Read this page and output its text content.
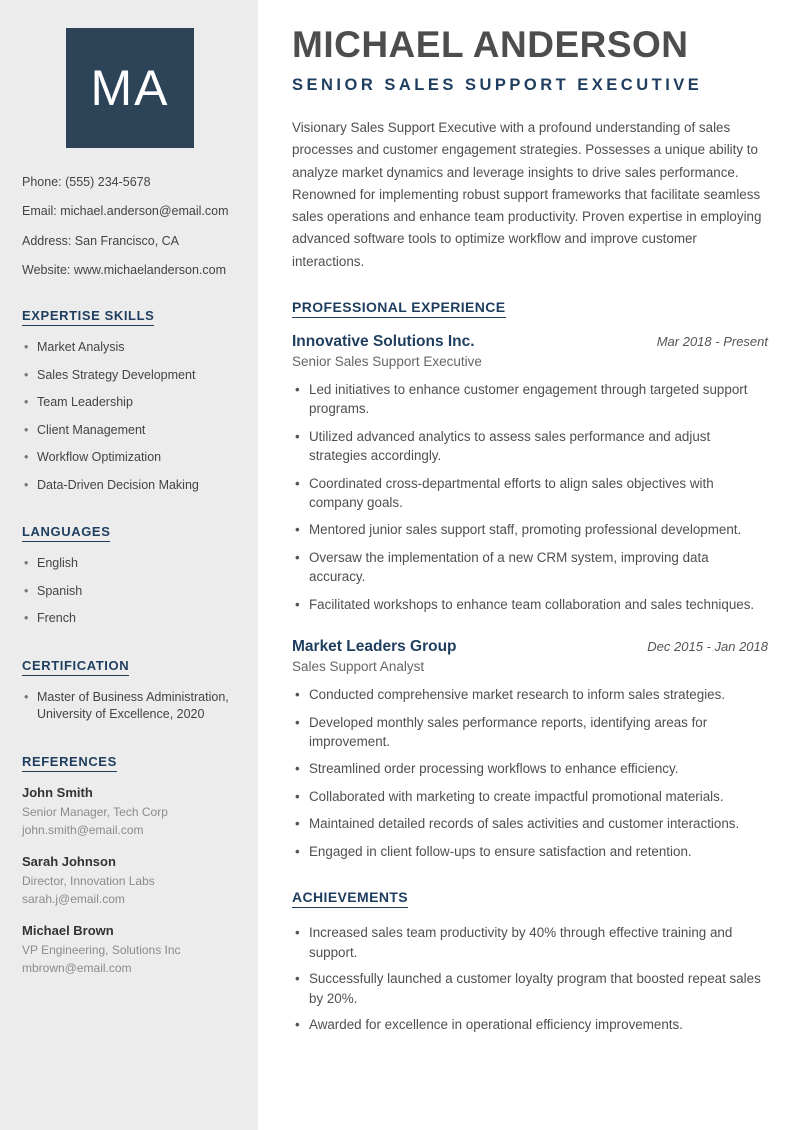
MA
Phone: (555) 234-5678
Email: michael.anderson@email.com
Address: San Francisco, CA
Website: www.michaelanderson.com
EXPERTISE SKILLS
• Market Analysis
• Sales Strategy Development
• Team Leadership
• Client Management
• Workflow Optimization
• Data-Driven Decision Making
LANGUAGES
• English
• Spanish
• French
CERTIFICATION
• Master of Business Administration, University of Excellence, 2020
REFERENCES
John Smith
Senior Manager, Tech Corp
john.smith@email.com
Sarah Johnson
Director, Innovation Labs
sarah.j@email.com
Michael Brown
VP Engineering, Solutions Inc
mbrown@email.com
MICHAEL ANDERSON
SENIOR SALES SUPPORT EXECUTIVE

Visionary Sales Support Executive with a profound understanding of sales processes and customer engagement strategies. Possesses a unique ability to analyze market dynamics and leverage insights to drive sales performance. Renowned for implementing robust support frameworks that facilitate seamless sales operations and enhance team productivity. Proven expertise in employing advanced software tools to optimize workflow and improve customer interactions.

PROFESSIONAL EXPERIENCE
Innovative Solutions Inc.	Mar 2018 - Present
Senior Sales Support Executive
• Led initiatives to enhance customer engagement through targeted support programs.
• Utilized advanced analytics to assess sales performance and adjust strategies accordingly.
• Coordinated cross-departmental efforts to align sales objectives with company goals.
• Mentored junior sales support staff, promoting professional development.
• Oversaw the implementation of a new CRM system, improving data accuracy.
• Facilitated workshops to enhance team collaboration and sales techniques.
Market Leaders Group	Dec 2015 - Jan 2018
Sales Support Analyst
• Conducted comprehensive market research to inform sales strategies.
• Developed monthly sales performance reports, identifying areas for improvement.
• Streamlined order processing workflows to enhance efficiency.
• Collaborated with marketing to create impactful promotional materials.
• Maintained detailed records of sales activities and customer interactions.
• Engaged in client follow-ups to ensure satisfaction and retention.
ACHIEVEMENTS
• Increased sales team productivity by 40% through effective training and support.
• Successfully launched a customer loyalty program that boosted repeat sales by 20%.
• Awarded for excellence in operational efficiency improvements.
